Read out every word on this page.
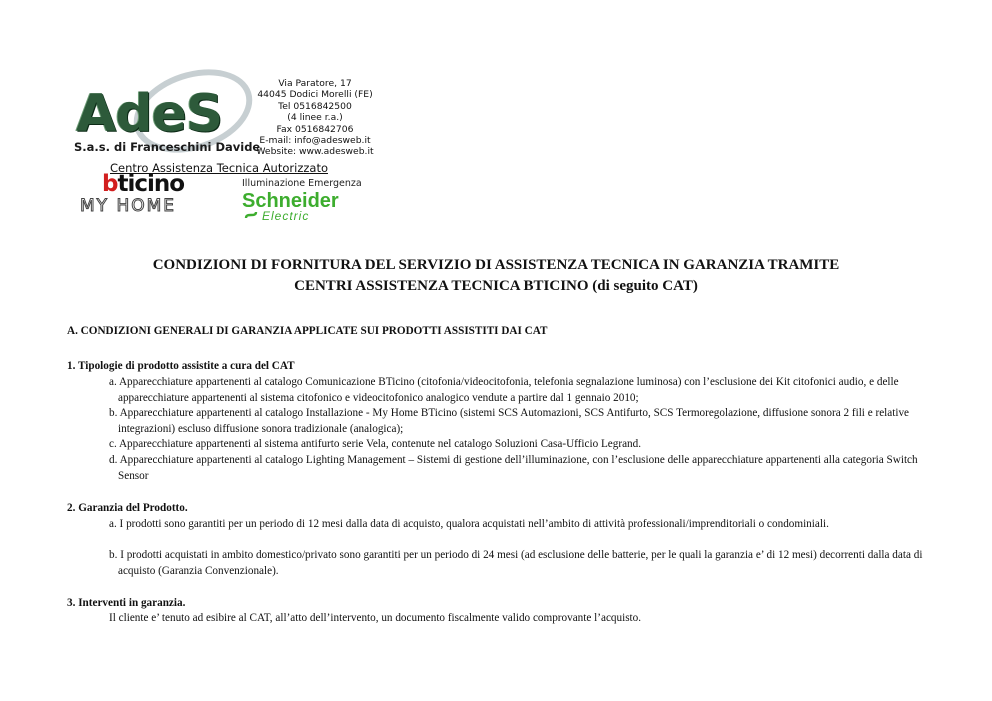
AdeS
S.a.s. di Franceschini Davide
Via Paratore, 17
44045 Dodici Morelli (FE)
Tel 0516842500
(4 linee r.a.)
Fax 0516842706
E-mail: info@adesweb.it
Website: www.adesweb.it
Centro Assistenza Tecnica Autorizzato
bticino	Illuminazione Emergenza
MY HOME	Schneider
Electric
CONDIZIONI DI FORNITURA DEL SERVIZIO DI ASSISTENZA TECNICA IN GARANZIA TRAMITE
CENTRI ASSISTENZA TECNICA BTICINO (di seguito CAT)
A. CONDIZIONI GENERALI DI GARANZIA APPLICATE SUI PRODOTTI ASSISTITI DAI CAT
1. Tipologie di prodotto assistite a cura del CAT
a. Apparecchiature appartenenti al catalogo Comunicazione BTicino (citofonia/videocitofonia, telefonia segnalazione luminosa) con l’esclusione dei Kit citofonici audio, e delle apparecchiature appartenenti al sistema citofonico e videocitofonico analogico vendute a partire dal 1 gennaio 2010;
b. Apparecchiature appartenenti al catalogo Installazione - My Home BTicino (sistemi SCS Automazioni, SCS Antifurto, SCS Termoregolazione, diffusione sonora 2 fili e relative integrazioni) escluso diffusione sonora tradizionale (analogica);
c. Apparecchiature appartenenti al sistema antifurto serie Vela, contenute nel catalogo Soluzioni Casa-Ufficio Legrand.
d. Apparecchiature appartenenti al catalogo Lighting Management – Sistemi di gestione dell’illuminazione, con l’esclusione delle apparecchiature appartenenti alla categoria Switch Sensor
2. Garanzia del Prodotto.
a. I prodotti sono garantiti per un periodo di 12 mesi dalla data di acquisto, qualora acquistati nell’ambito di attività professionali/imprenditoriali o condominiali.
b. I prodotti acquistati in ambito domestico/privato sono garantiti per un periodo di 24 mesi (ad esclusione delle batterie, per le quali la garanzia e’ di 12 mesi) decorrenti dalla data di acquisto (Garanzia Convenzionale).
3. Interventi in garanzia.
Il cliente e’ tenuto ad esibire al CAT, all’atto dell’intervento, un documento fiscalmente valido comprovante l’acquisto.
